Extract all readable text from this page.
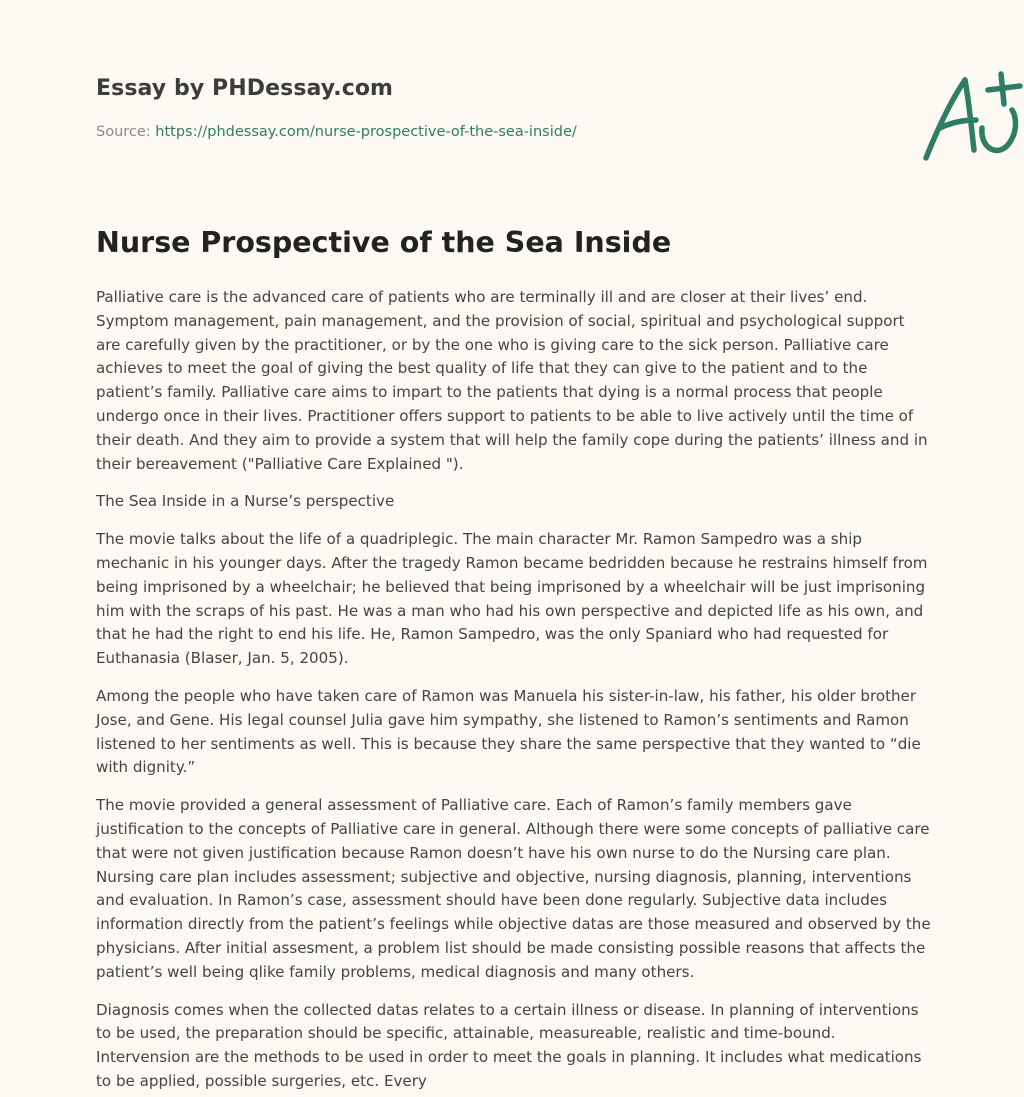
Essay by PHDessay.com
Source: https://phdessay.com/nurse-prospective-of-the-sea-inside/
Nurse Prospective of the Sea Inside

Palliative care is the advanced care of patients who are terminally ill and are closer at their lives’ end. Symptom management, pain management, and the provision of social, spiritual and psychological support are carefully given by the practitioner, or by the one who is giving care to the sick person. Palliative care achieves to meet the goal of giving the best quality of life that they can give to the patient and to the patient’s family. Palliative care aims to impart to the patients that dying is a normal process that people undergo once in their lives. Practitioner offers support to patients to be able to live actively until the time of their death. And they aim to provide a system that will help the family cope during the patients’ illness and in their bereavement ("Palliative Care Explained ").

The Sea Inside in a Nurse’s perspective

The movie talks about the life of a quadriplegic. The main character Mr. Ramon Sampedro was a ship mechanic in his younger days. After the tragedy Ramon became bedridden because he restrains himself from being imprisoned by a wheelchair; he believed that being imprisoned by a wheelchair will be just imprisoning him with the scraps of his past. He was a man who had his own perspective and depicted life as his own, and that he had the right to end his life. He, Ramon Sampedro, was the only Spaniard who had requested for Euthanasia (Blaser, Jan. 5, 2005).

Among the people who have taken care of Ramon was Manuela his sister-in-law, his father, his older brother Jose, and Gene. His legal counsel Julia gave him sympathy, she listened to Ramon’s sentiments and Ramon listened to her sentiments as well. This is because they share the same perspective that they wanted to “die with dignity.”

The movie provided a general assessment of Palliative care. Each of Ramon’s family members gave justification to the concepts of Palliative care in general. Although there were some concepts of palliative care that were not given justification because Ramon doesn’t have his own nurse to do the Nursing care plan. Nursing care plan includes assessment; subjective and objective, nursing diagnosis, planning, interventions and evaluation. In Ramon’s case, assessment should have been done regularly. Subjective data includes information directly from the patient’s feelings while objective datas are those measured and observed by the physicians. After initial assesment, a problem list should be made consisting possible reasons that affects the patient’s well being qlike family problems, medical diagnosis and many others.

Diagnosis comes when the collected datas relates to a certain illness or disease. In planning of interventions to be used, the preparation should be specific, attainable, measureable, realistic and time-bound. Intervension are the methods to be used in order to meet the goals in planning. It includes what medications to be applied, possible surgeries, etc. Every
